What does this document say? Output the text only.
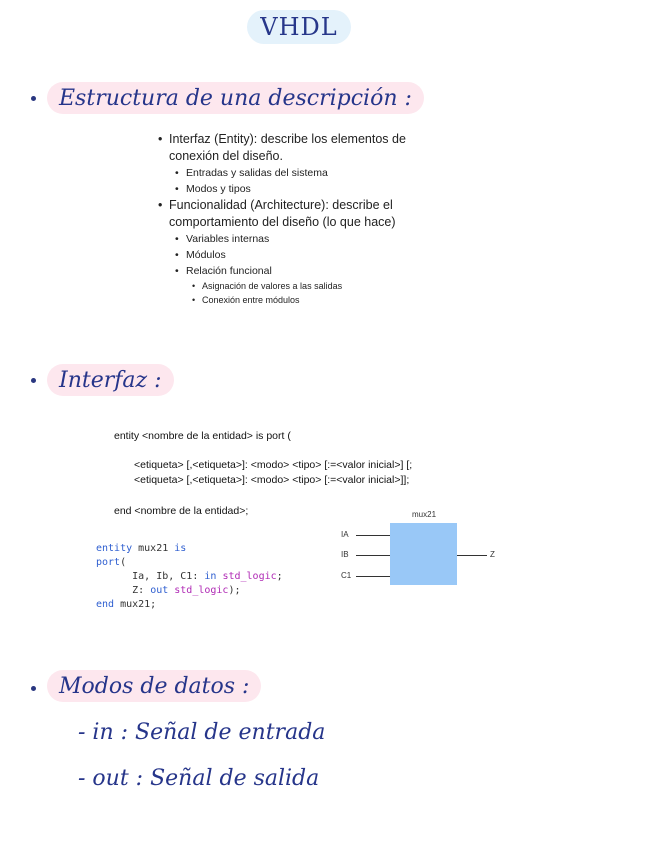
VHDL
Estructura de una descripción :
• Interfaz (Entity): describe los elementos de
conexión del diseño.
• Entradas y salidas del sistema
• Modos y tipos
• Funcionalidad (Architecture): describe el
comportamiento del diseño (lo que hace)
• Variables internas
• Módulos
• Relación funcional
• Asignación de valores a las salidas
• Conexión entre módulos
Interfaz :
entity <nombre de la entidad> is port (
<etiqueta> [,<etiqueta>]: <modo> <tipo> [:=<valor inicial>] [;
<etiqueta> [,<etiqueta>]: <modo> <tipo> [:=<valor inicial>]];
end <nombre de la entidad>;
entity mux21 is
port(
Ia, Ib, C1: in std_logic;
Z: out std_logic);
end mux21;
mux21
IA
IB
C1
Z
Modos de datos :
- in : Señal de entrada
- out : Señal de salida
